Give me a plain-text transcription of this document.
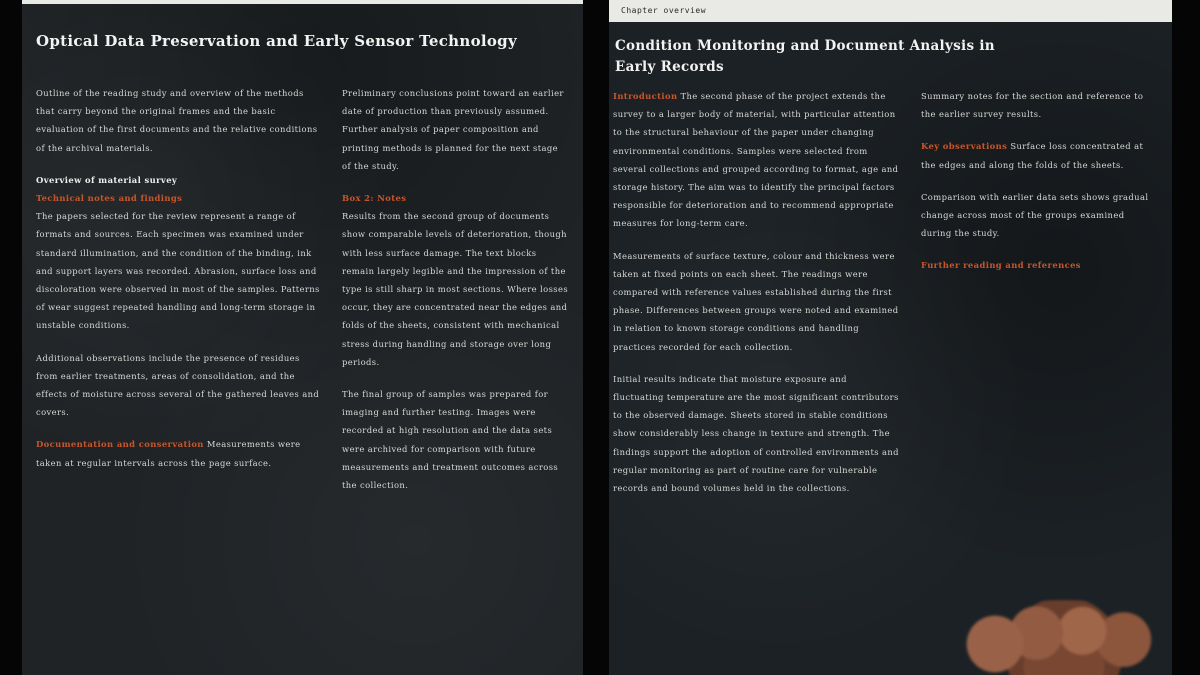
Optical Data Preservation and Early Sensor Technology

Outline of the reading study and overview of the methods that carry beyond the original frames and the basic evaluation of the first documents and the relative conditions of the archival materials.

Overview of material survey
Technical notes and findings
The papers selected for the review represent a range of formats and sources. Each specimen was examined under standard illumination, and the condition of the binding, ink and support layers was recorded. Abrasion, surface loss and discoloration were observed in most of the samples. Patterns of wear suggest repeated handling and long-term storage in unstable conditions.

Additional observations include the presence of residues from earlier treatments, areas of consolidation, and the effects of moisture across several of the gathered leaves and covers.

Documentation and conservation Measurements were taken at regular intervals across the page surface.

Preliminary conclusions point toward an earlier date of production than previously assumed. Further analysis of paper composition and printing methods is planned for the next stage of the study.

Box 2: Notes
Results from the second group of documents show comparable levels of deterioration, though with less surface damage. The text blocks remain largely legible and the impression of the type is still sharp in most sections. Where losses occur, they are concentrated near the edges and folds of the sheets, consistent with mechanical stress during handling and storage over long periods.

The final group of samples was prepared for imaging and further testing. Images were recorded at high resolution and the data sets were archived for comparison with future measurements and treatment outcomes across the collection.

Chapter overview
Condition Monitoring and Document Analysis in Early Records

Introduction The second phase of the project extends the survey to a larger body of material, with particular attention to the structural behaviour of the paper under changing environmental conditions. Samples were selected from several collections and grouped according to format, age and storage history. The aim was to identify the principal factors responsible for deterioration and to recommend appropriate measures for long-term care.

Measurements of surface texture, colour and thickness were taken at fixed points on each sheet. The readings were compared with reference values established during the first phase. Differences between groups were noted and examined in relation to known storage conditions and handling practices recorded for each collection.

Initial results indicate that moisture exposure and fluctuating temperature are the most significant contributors to the observed damage. Sheets stored in stable conditions show considerably less change in texture and strength. The findings support the adoption of controlled environments and regular monitoring as part of routine care for vulnerable records and bound volumes held in the collections.

Summary notes for the section and reference to the earlier survey results.

Key observations Surface loss concentrated at the edges and along the folds of the sheets.

Comparison with earlier data sets shows gradual change across most of the groups examined during the study.

Further reading and references
